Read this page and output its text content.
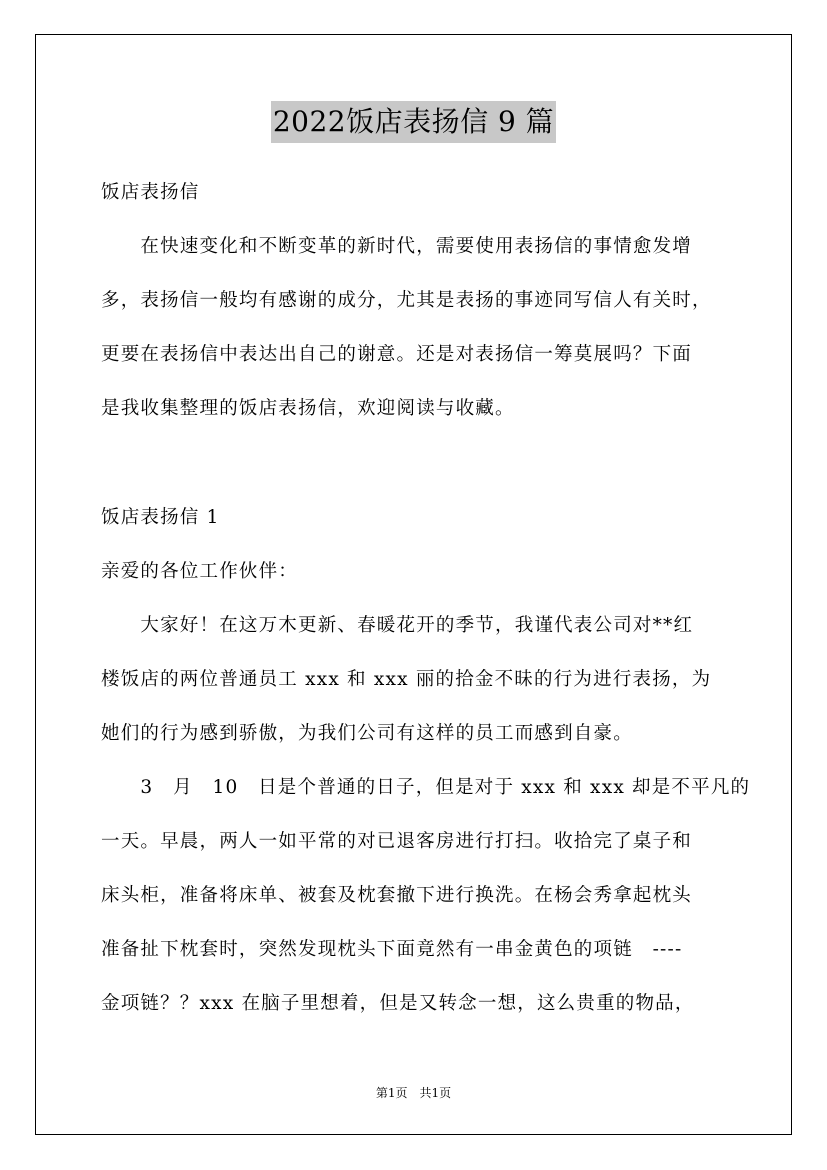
2022饭店表扬信 9 篇
饭店表扬信
　　在快速变化和不断变革的新时代，需要使用表扬信的事情愈发增
多，表扬信一般均有感谢的成分，尤其是表扬的事迹同写信人有关时，
更要在表扬信中表达出自己的谢意。还是对表扬信一筹莫展吗？下面
是我收集整理的饭店表扬信，欢迎阅读与收藏。
饭店表扬信 1
亲爱的各位工作伙伴：
　　大家好！在这万木更新、春暖花开的季节，我谨代表公司对**红
楼饭店的两位普通员工 xxx 和 xxx 丽的拾金不昧的行为进行表扬，为
她们的行为感到骄傲，为我们公司有这样的员工而感到自豪。
　　3　月　10　日是个普通的日子，但是对于 xxx 和 xxx 却是不平凡的
一天。早晨，两人一如平常的对已退客房进行打扫。收拾完了桌子和
床头柜，准备将床单、被套及枕套撤下进行换洗。在杨会秀拿起枕头
准备扯下枕套时，突然发现枕头下面竟然有一串金黄色的项链　----
金项链？？xxx 在脑子里想着，但是又转念一想，这么贵重的物品，
第1页　共1页
